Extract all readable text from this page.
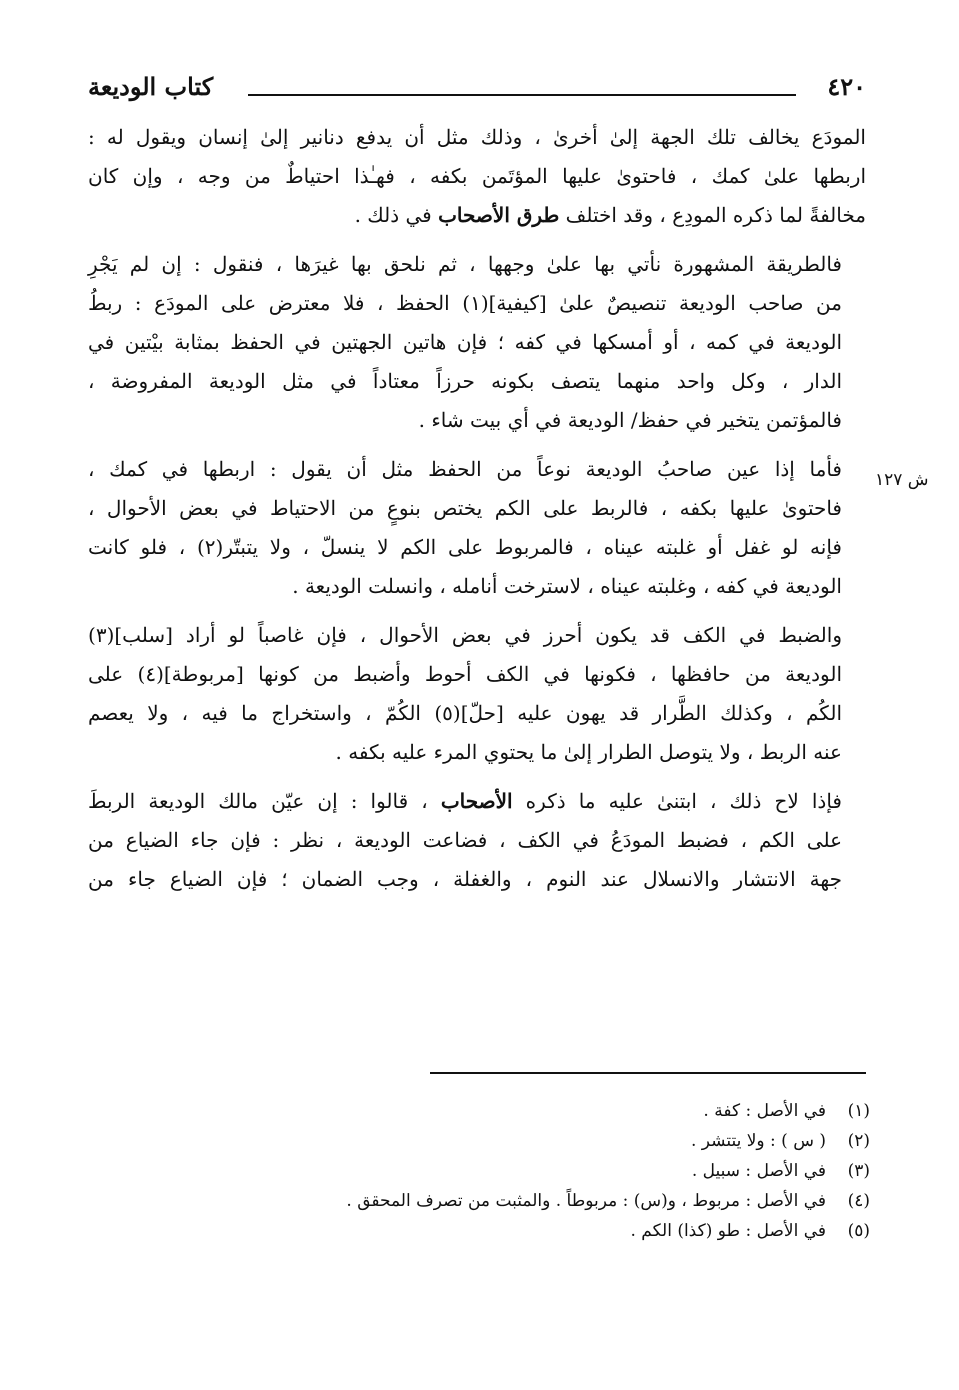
٤٢٠
كتاب الوديعة
ش ١٢٧
المودَع يخالف تلك الجهة إلىٰ أخرىٰ ، وذلك مثل أن يدفع دنانير إلىٰ إنسان ويقول له :
اربطها علىٰ كمك ، فاحتوىٰ عليها المؤتَمن بكفه ، فهـٰذا احتياطٌ من وجه ، وإن كان
مخالفةً لما ذكره المودِع ، وقد اختلف طرق الأصحاب في ذلك .
فالطريقة المشهورة نأتي بها علىٰ وجهها ، ثم نلحق بها غيرَها ، فنقول : إن لم يَجْرِ
من صاحب الوديعة تنصيصٌ علىٰ [كيفية](١) الحفظ ، فلا معترض على المودَع : ربطُ
الوديعة في كمه ، أو أمسكها في كفه ؛ فإن هاتين الجهتين في الحفظ بمثابة بيْتين في
الدار ، وكل واحد منهما يتصف بكونه حرزاً معتاداً في مثل الوديعة المفروضة ،
فالمؤتمن يتخير في حفظ/ الوديعة في أي بيت شاء .
فأما إذا عين صاحبُ الوديعة نوعاً من الحفظ مثل أن يقول : اربطها في كمك ،
فاحتوىٰ عليها بكفه ، فالربط على الكم يختص بنوعٍ من الاحتياط في بعض الأحوال ،
فإنه لو غفل أو غلبته عيناه ، فالمربوط على الكم لا ينسلّ ، ولا يتبتّر(٢) ، فلو كانت
الوديعة في كفه ، وغلبته عيناه ، لاسترخت أنامله ، وانسلت الوديعة .
والضبط في الكف قد يكون أحرز في بعض الأحوال ، فإن غاصباً لو أراد [سلب](٣)
الوديعة من حافظها ، فكونها في الكف أحوط وأضبط من كونها [مربوطة](٤) على
الكُم ، وكذلك الطَّرار قد يهون عليه [حلّ](٥) الكُمّ ، واستخراج ما فيه ، ولا يعصم
عنه الربط ، ولا يتوصل الطرار إلىٰ ما يحتوي المرء عليه بكفه .
فإذا لاح ذلك ، ابتنىٰ عليه ما ذكره الأصحاب ، قالوا : إن عيّن مالك الوديعة الربطَ
على الكم ، فضبط المودَعُ في الكف ، فضاعت الوديعة ، نظر : فإن جاء الضياع من
جهة الانتشار والانسلال عند النوم ، والغفلة ، وجب الضمان ؛ فإن الضياع جاء من
(١)في الأصل : كفة .
(٢)( س ) : ولا يتتشر .
(٣)في الأصل : سبيل .
(٤)في الأصل : مربوط ، و(س) : مربوطاً . والمثبت من تصرف المحقق .
(٥)في الأصل : طو (كذا) الكم .
